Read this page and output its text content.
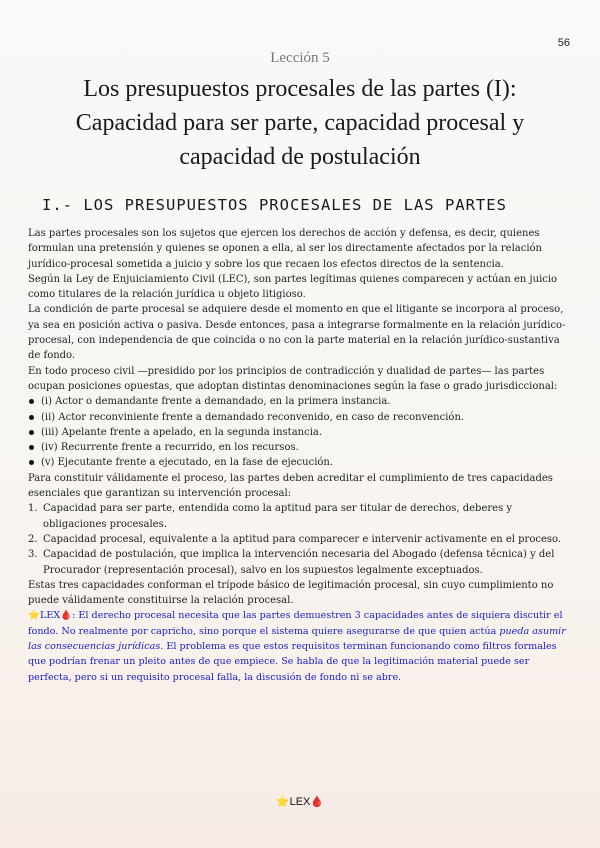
56
Lección 5
Los presupuestos procesales de las partes (I):
Capacidad para ser parte, capacidad procesal y
capacidad de postulación
I.- LOS PRESUPUESTOS PROCESALES DE LAS PARTES

Las partes procesales son los sujetos que ejercen los derechos de acción y defensa, es decir, quienes formulan una pretensión y quienes se oponen a ella, al ser los directamente afectados por la relación jurídico-procesal sometida a juicio y sobre los que recaen los efectos directos de la sentencia.

Según la Ley de Enjuiciamiento Civil (LEC), son partes legítimas quienes comparecen y actúan en juicio como titulares de la relación jurídica u objeto litigioso.

La condición de parte procesal se adquiere desde el momento en que el litigante se incorpora al proceso, ya sea en posición activa o pasiva. Desde entonces, pasa a integrarse formalmente en la relación jurídico-procesal, con independencia de que coincida o no con la parte material en la relación jurídico-sustantiva de fondo.

En todo proceso civil —presidido por los principios de contradicción y dualidad de partes— las partes ocupan posiciones opuestas, que adoptan distintas denominaciones según la fase o grado jurisdiccional:

(i) Actor o demandante frente a demandado, en la primera instancia.
(ii) Actor reconviniente frente a demandado reconvenido, en caso de reconvención.
(iii) Apelante frente a apelado, en la segunda instancia.
(iv) Recurrente frente a recurrido, en los recursos.
(v) Ejecutante frente a ejecutado, en la fase de ejecución.

Para constituir válidamente el proceso, las partes deben acreditar el cumplimiento de tres capacidades esenciales que garantizan su intervención procesal:

1. Capacidad para ser parte, entendida como la aptitud para ser titular de derechos, deberes y obligaciones procesales.
2. Capacidad procesal, equivalente a la aptitud para comparecer e intervenir activamente en el proceso.
3. Capacidad de postulación, que implica la intervención necesaria del Abogado (defensa técnica) y del Procurador (representación procesal), salvo en los supuestos legalmente exceptuados.

Estas tres capacidades conforman el trípode básico de legitimación procesal, sin cuyo cumplimiento no puede válidamente constituirse la relación procesal.

⭐LEX🩸: El derecho procesal necesita que las partes demuestren 3 capacidades antes de siquiera discutir el fondo. No realmente por capricho, sino porque el sistema quiere asegurarse de que quien actúa pueda asumir las consecuencias jurídicas. El problema es que estos requisitos terminan funcionando como filtros formales que podrían frenar un pleito antes de que empiece. Se habla de que la legitimación material puede ser perfecta, pero si un requisito procesal falla, la discusión de fondo ni se abre.

⭐LEX🩸
